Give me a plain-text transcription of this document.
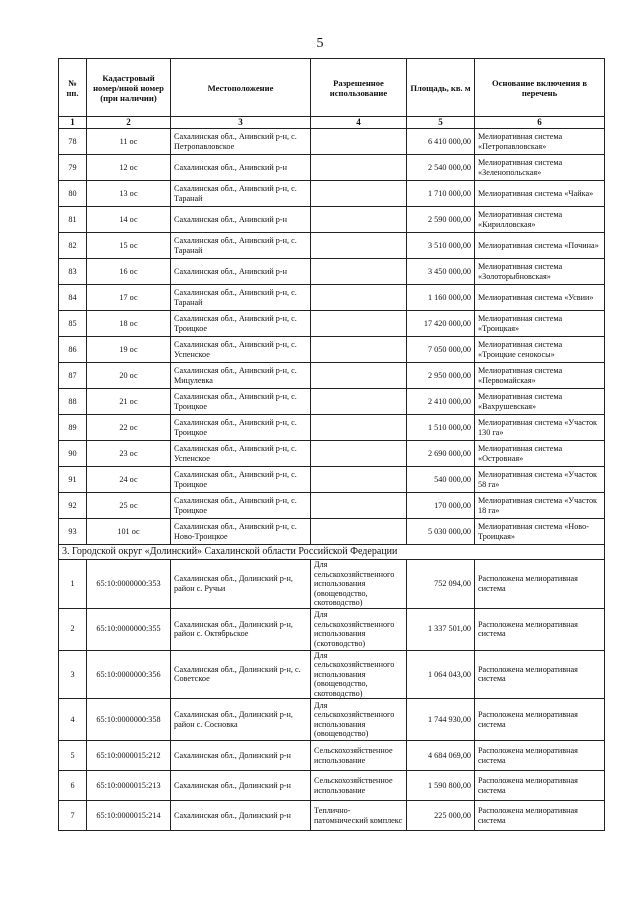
5
№ пп.	Кадастровый номер/иной номер (при наличии)	Местоположение	Разрешенное использование	Площадь, кв. м	Основание включения в перечень
1	2	3	4	5	6
78	11 ос	Сахалинская обл., Анивский р-н, с. Петропавловское		6 410 000,00	Мелиоративная система «Петропавловская»
79	12 ос	Сахалинская обл., Анивский р-н		2 540 000,00	Мелиоративная система «Зеленопольская»
80	13 ос	Сахалинская обл., Анивский р-н, с. Таранай		1 710 000,00	Мелиоративная система «Чайка»
81	14 ос	Сахалинская обл., Анивский р-н		2 590 000,00	Мелиоративная система «Кирилловская»
82	15 ос	Сахалинская обл., Анивский р-н, с. Таранай		3 510 000,00	Мелиоративная система «Почина»
83	16 ос	Сахалинская обл., Анивский р-н		3 450 000,00	Мелиоративная система «Золоторыбновская»
84	17 ос	Сахалинская обл., Анивский р-н, с. Таранай		1 160 000,00	Мелиоративная система «Усвии»
85	18 ос	Сахалинская обл., Анивский р-н, с. Троицкое		17 420 000,00	Мелиоративная система «Троицкая»
86	19 ос	Сахалинская обл., Анивский р-н, с. Успенское		7 050 000,00	Мелиоративная система «Троицкие сенокосы»
87	20 ос	Сахалинская обл., Анивский р-н, с. Мицулевка		2 950 000,00	Мелиоративная система «Первомайская»
88	21 ос	Сахалинская обл., Анивский р-н, с. Троицкое		2 410 000,00	Мелиоративная система «Вахрушевская»
89	22 ос	Сахалинская обл., Анивский р-н, с. Троицкое		1 510 000,00	Мелиоративная система «Участок 130 га»
90	23 ос	Сахалинская обл., Анивский р-н, с. Успенское		2 690 000,00	Мелиоративная система «Островная»
91	24 ос	Сахалинская обл., Анивский р-н, с. Троицкое		540 000,00	Мелиоративная система «Участок 58 га»
92	25 ос	Сахалинская обл., Анивский р-н, с. Троицкое		170 000,00	Мелиоративная система «Участок 18 га»
93	101 ос	Сахалинская обл., Анивский р-н, с. Ново-Троицкое		5 030 000,00	Мелиоративная система «Ново-Троицкая»
3. Городской округ «Долинский» Сахалинской области Российской Федерации					
1	65:10:0000000:353	Сахалинская обл., Долинский р-н, район с. Ручьи	Для сельскохозяйственного использования (овощеводство, скотоводство)	752 094,00	Расположена мелиоративная система
2	65:10:0000000:355	Сахалинская обл., Долинский р-н, район с. Октябрьское	Для сельскохозяйственного использования (скотоводство)	1 337 501,00	Расположена мелиоративная система
3	65:10:0000000:356	Сахалинская обл., Долинский р-н, с. Советское	Для сельскохозяйственного использования (овощеводство, скотоводство)	1 064 043,00	Расположена мелиоративная система
4	65:10:0000000:358	Сахалинская обл., Долинский р-н, район с. Сосновка	Для сельскохозяйственного использования (овощеводство)	1 744 930,00	Расположена мелиоративная система
5	65:10:0000015:212	Сахалинская обл., Долинский р-н	Сельскохозяйственное использование	4 684 069,00	Расположена мелиоративная система
6	65:10:0000015:213	Сахалинская обл., Долинский р-н	Сельскохозяйственное использование	1 590 800,00	Расположена мелиоративная система
7	65:10:0000015:214	Сахалинская обл., Долинский р-н	Тепличнo-пaтoмнический комплекс	225 000,00	Расположена мелиоративная система
